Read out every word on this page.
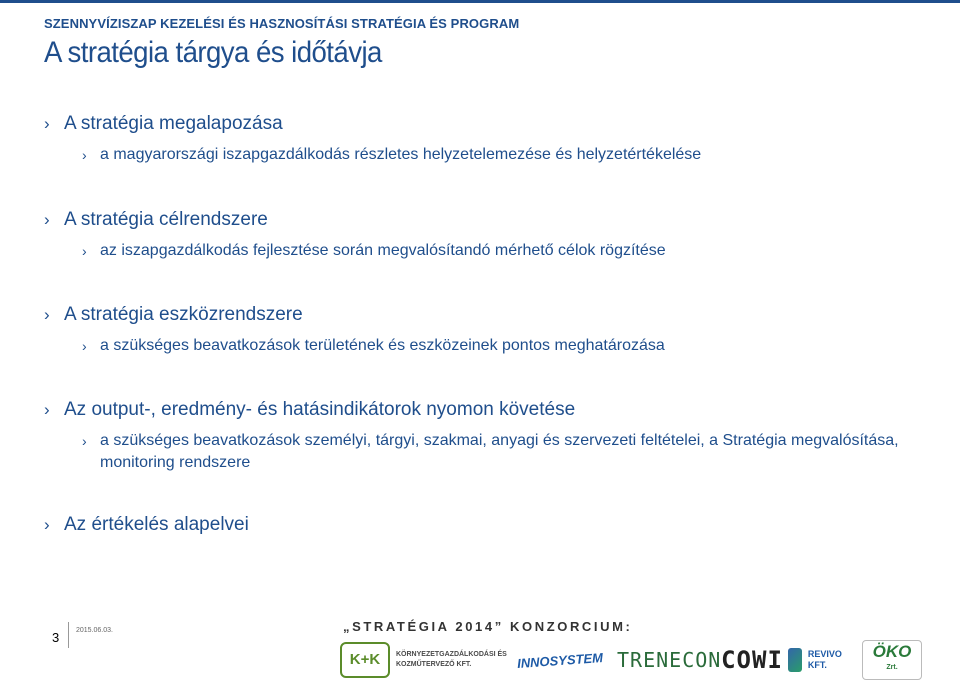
SZENNYVÍZISZAP KEZELÉSI ÉS HASZNOSÍTÁSI STRATÉGIA ÉS PROGRAM
A stratégia tárgya és időtávja
› A stratégia megalapozása
› a magyarországi iszapgazdálkodás részletes helyzetelemezése és helyzetértékelése
› A stratégia célrendszere
› az iszapgazdálkodás fejlesztése során megvalósítandó mérhető célok rögzítése
› A stratégia eszközrendszere
› a szükséges beavatkozások területének és eszközeinek pontos meghatározása
› Az output-, eredmény- és hatásindikátorok nyomon követése
› a szükséges beavatkozások személyi, tárgyi, szakmai, anyagi és szervezeti feltételei, a Stratégia megvalósítása, monitoring rendszere
› Az értékelés alapelvei
3 2015.06.03.	„STRATÉGIA 2014” KONZORCIUM:
K+K	KÖRNYEZETGAZDÁLKODÁSI ÉS KOZMŰTERVEZŐ KFT.	INNOSYSTEM TRENECON COWI	REVIVO KFT.
ÖKO
Zrt.
